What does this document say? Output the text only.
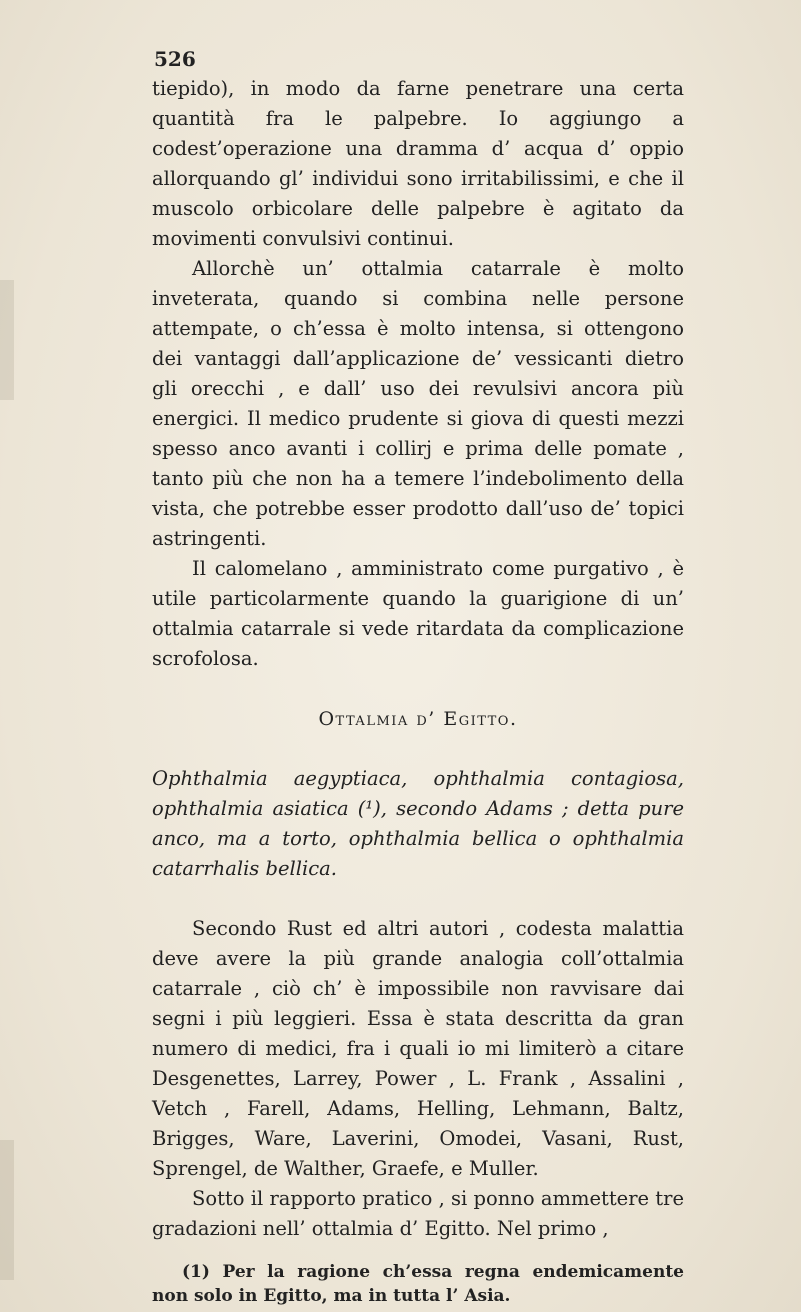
526

tiepido), in modo da farne penetrare una certa quantità fra le palpebre. Io aggiungo a codest’operazione una dramma d’ acqua d’ oppio allorquando gl’ individui sono irritabilissimi, e che il muscolo orbicolare delle palpebre è agitato da movimenti convulsivi continui.

Allorchè un’ ottalmia catarrale è molto inveterata, quando si combina nelle persone attempate, o ch’essa è molto intensa, si ottengono dei vantaggi dall’applicazione de’ vessicanti dietro gli orecchi , e dall’ uso dei revulsivi ancora più energici. Il medico prudente si giova di questi mezzi spesso anco avanti i collirj e prima delle pomate , tanto più che non ha a temere l’indebolimento della vista, che potrebbe esser prodotto dall’uso de’ topici astringenti.

Il calomelano , amministrato come purgativo , è utile particolarmente quando la guarigione di un’ ottalmia catarrale si vede ritardata da complicazione scrofolosa.

Ottalmia d’ Egitto.

Ophthalmia aegyptiaca, ophthalmia contagiosa, ophthalmia asiatica (¹), secondo Adams ; detta pure anco, ma a torto, ophthalmia bellica o ophthalmia catarrhalis bellica.

Secondo Rust ed altri autori , codesta malattia deve avere la più grande analogia coll’ottalmia catarrale , ciò ch’ è impossibile non ravvisare dai segni i più leggieri. Essa è stata descritta da gran numero di medici, fra i quali io mi limiterò a citare Desgenettes, Larrey, Power , L. Frank , Assalini , Vetch , Farell, Adams, Helling, Lehmann, Baltz, Brigges, Ware, Laverini, Omodei, Vasani, Rust, Sprengel, de Walther, Graefe, e Muller.

Sotto il rapporto pratico , si ponno ammettere tre gradazioni nell’ ottalmia d’ Egitto. Nel primo ,

(1) Per la ragione ch’essa regna endemicamente non solo in Egitto, ma in tutta l’ Asia.
